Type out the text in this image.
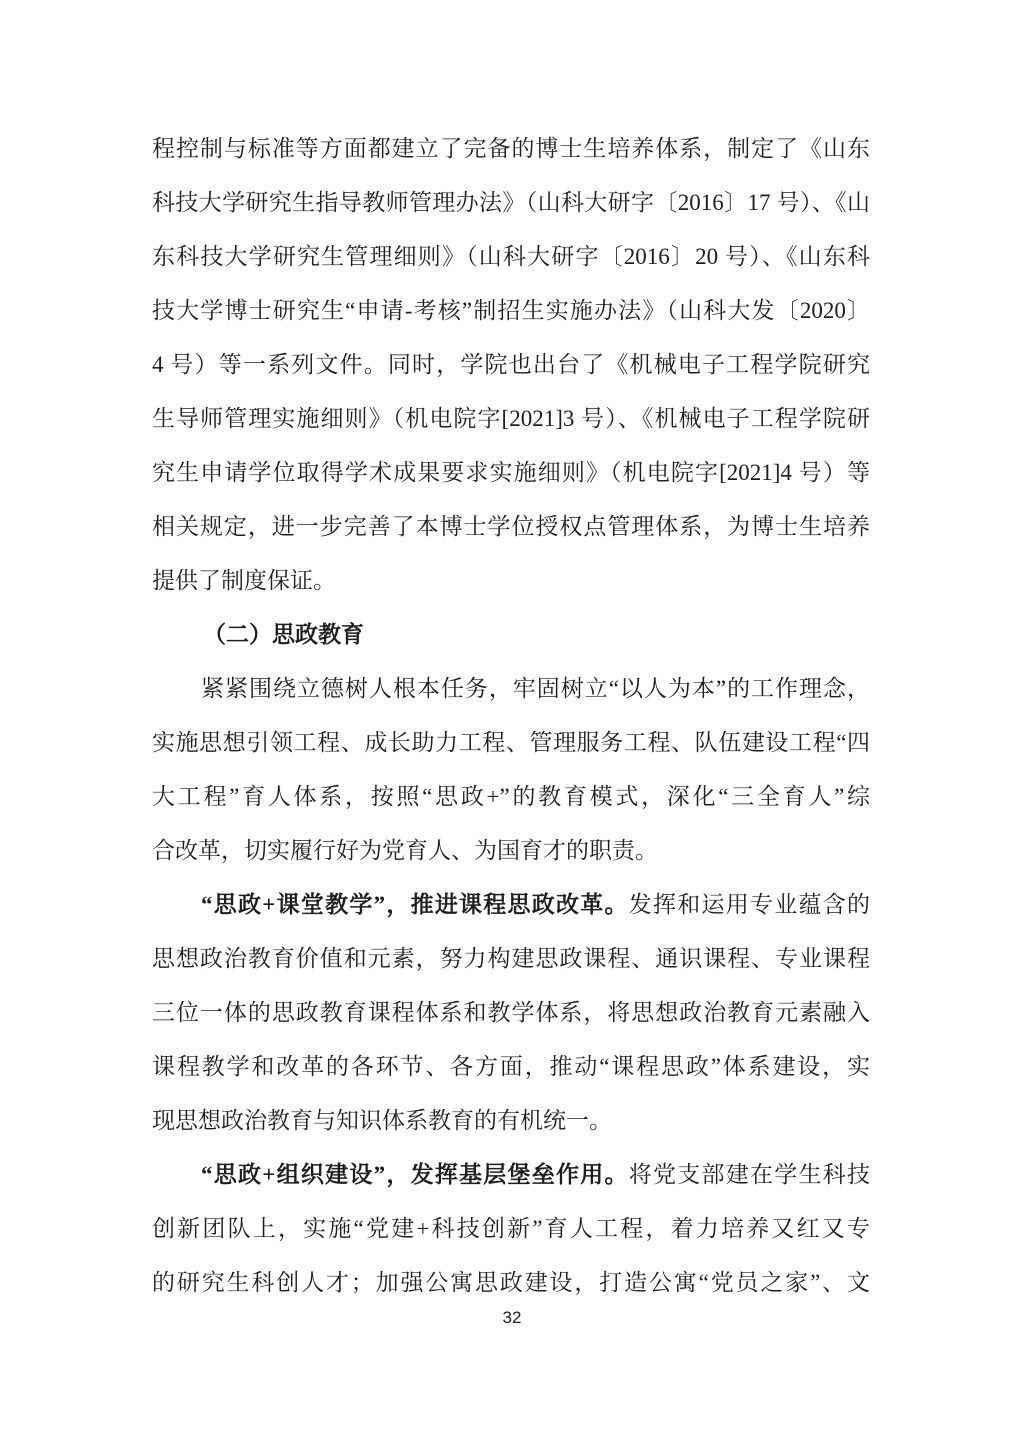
程控制与标准等方面都建立了完备的博士生培养体系，制定了《山东
科技大学研究生指导教师管理办法》（山科大研字〔2016〕17 号）、《山
东科技大学研究生管理细则》（山科大研字〔2016〕20 号）、《山东科
技大学博士研究生“申请-考核”制招生实施办法》（山科大发〔2020〕
4 号）等一系列文件。同时，学院也出台了《机械电子工程学院研究
生导师管理实施细则》（机电院字[2021]3 号）、《机械电子工程学院研
究生申请学位取得学术成果要求实施细则》（机电院字[2021]4 号）等
相关规定，进一步完善了本博士学位授权点管理体系，为博士生培养
提供了制度保证。
（二）思政教育
紧紧围绕立德树人根本任务，牢固树立“以人为本”的工作理念，
实施思想引领工程、成长助力工程、管理服务工程、队伍建设工程“四
大工程”育人体系，按照“思政+”的教育模式，深化“三全育人”综
合改革，切实履行好为党育人、为国育才的职责。
“思政+课堂教学”，推进课程思政改革。发挥和运用专业蕴含的
思想政治教育价值和元素，努力构建思政课程、通识课程、专业课程
三位一体的思政教育课程体系和教学体系，将思想政治教育元素融入
课程教学和改革的各环节、各方面，推动“课程思政”体系建设，实
现思想政治教育与知识体系教育的有机统一。
“思政+组织建设”，发挥基层堡垒作用。将党支部建在学生科技
创新团队上，实施“党建+科技创新”育人工程，着力培养又红又专
的研究生科创人才；加强公寓思政建设，打造公寓“党员之家”、文
32
